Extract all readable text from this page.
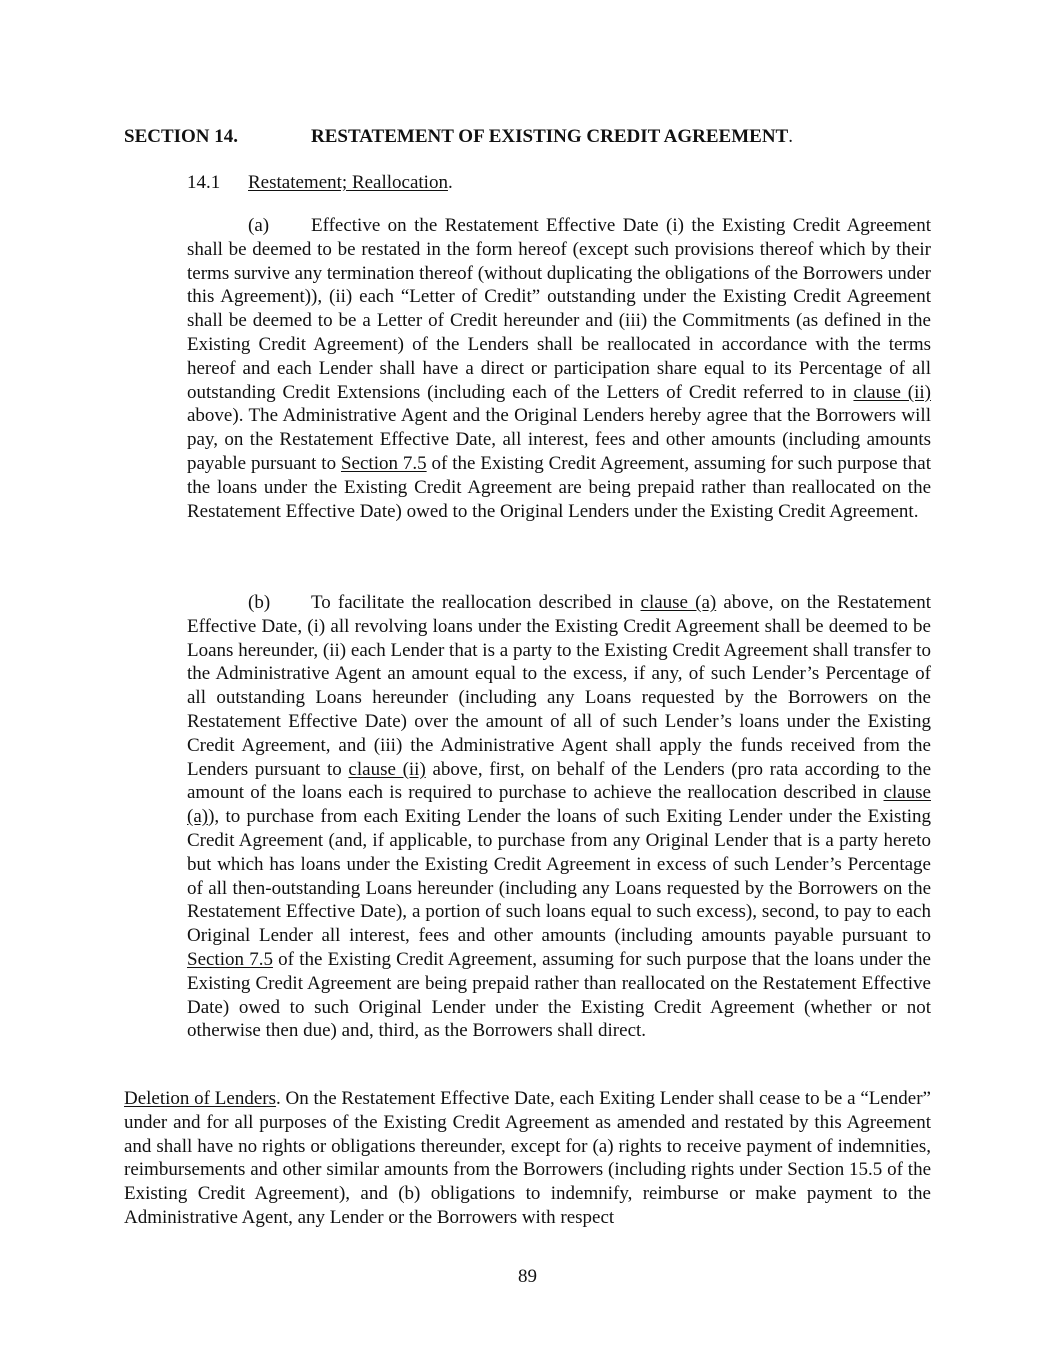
SECTION 14.	RESTATEMENT OF EXISTING CREDIT AGREEMENT.
14.1 Restatement; Reallocation.

(a) Effective on the Restatement Effective Date (i) the Existing Credit Agreement shall be deemed to be restated in the form hereof (except such provisions thereof which by their terms survive any termination thereof (without duplicating the obligations of the Borrowers under this Agreement)), (ii) each “Letter of Credit” outstanding under the Existing Credit Agreement shall be deemed to be a Letter of Credit hereunder and (iii) the Commitments (as defined in the Existing Credit Agreement) of the Lenders shall be reallocated in accordance with the terms hereof and each Lender shall have a direct or participation share equal to its Percentage of all outstanding Credit Extensions (including each of the Letters of Credit referred to in clause (ii) above). The Administrative Agent and the Original Lenders hereby agree that the Borrowers will pay, on the Restatement Effective Date, all interest, fees and other amounts (including amounts payable pursuant to Section 7.5 of the Existing Credit Agreement, assuming for such purpose that the loans under the Existing Credit Agreement are being prepaid rather than reallocated on the Restatement Effective Date) owed to the Original Lenders under the Existing Credit Agreement.

(b) To facilitate the reallocation described in clause (a) above, on the Restatement Effective Date, (i) all revolving loans under the Existing Credit Agreement shall be deemed to be Loans hereunder, (ii) each Lender that is a party to the Existing Credit Agreement shall transfer to the Administrative Agent an amount equal to the excess, if any, of such Lender’s Percentage of all outstanding Loans hereunder (including any Loans requested by the Borrowers on the Restatement Effective Date) over the amount of all of such Lender’s loans under the Existing Credit Agreement, and (iii) the Administrative Agent shall apply the funds received from the Lenders pursuant to clause (ii) above, first, on behalf of the Lenders (pro rata according to the amount of the loans each is required to purchase to achieve the reallocation described in clause (a)), to purchase from each Exiting Lender the loans of such Exiting Lender under the Existing Credit Agreement (and, if applicable, to purchase from any Original Lender that is a party hereto but which has loans under the Existing Credit Agreement in excess of such Lender’s Percentage of all then-outstanding Loans hereunder (including any Loans requested by the Borrowers on the Restatement Effective Date), a portion of such loans equal to such excess), second, to pay to each Original Lender all interest, fees and other amounts (including amounts payable pursuant to Section 7.5 of the Existing Credit Agreement, assuming for such purpose that the loans under the Existing Credit Agreement are being prepaid rather than reallocated on the Restatement Effective Date) owed to such Original Lender under the Existing Credit Agreement (whether or not otherwise then due) and, third, as the Borrowers shall direct.

Deletion of Lenders. On the Restatement Effective Date, each Exiting Lender shall cease to be a “Lender” under and for all purposes of the Existing Credit Agreement as amended and restated by this Agreement and shall have no rights or obligations thereunder, except for (a) rights to receive payment of indemnities, reimbursements and other similar amounts from the Borrowers (including rights under Section 15.5 of the Existing Credit Agreement), and (b) obligations to indemnify, reimburse or make payment to the Administrative Agent, any Lender or the Borrowers with respect

89
